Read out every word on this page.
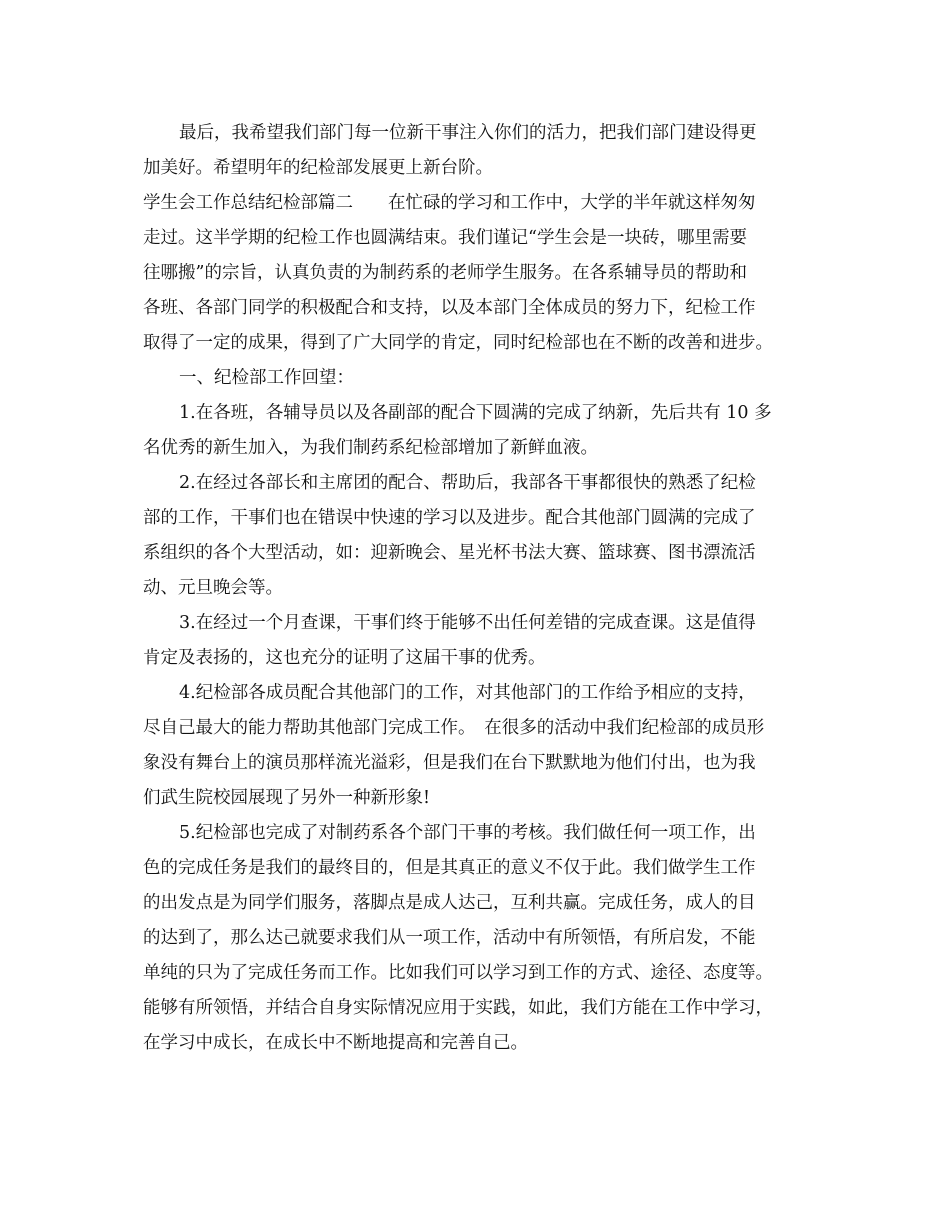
最后，我希望我们部门每一位新干事注入你们的活力，把我们部门建设得更
加美好。希望明年的纪检部发展更上新台阶。
学生会工作总结纪检部篇二　　在忙碌的学习和工作中，大学的半年就这样匆匆
走过。这半学期的纪检工作也圆满结束。我们谨记“学生会是一块砖，哪里需要
往哪搬”的宗旨，认真负责的为制药系的老师学生服务。在各系辅导员的帮助和
各班、各部门同学的积极配合和支持，以及本部门全体成员的努力下，纪检工作
取得了一定的成果，得到了广大同学的肯定，同时纪检部也在不断的改善和进步。
一、纪检部工作回望：
1.在各班，各辅导员以及各副部的配合下圆满的完成了纳新，先后共有 10 多
名优秀的新生加入，为我们制药系纪检部增加了新鲜血液。
2.在经过各部长和主席团的配合、帮助后，我部各干事都很快的熟悉了纪检
部的工作，干事们也在错误中快速的学习以及进步。配合其他部门圆满的完成了
系组织的各个大型活动，如：迎新晚会、星光杯书法大赛、篮球赛、图书漂流活
动、元旦晚会等。
3.在经过一个月查课，干事们终于能够不出任何差错的完成查课。这是值得
肯定及表扬的，这也充分的证明了这届干事的优秀。
4.纪检部各成员配合其他部门的工作，对其他部门的工作给予相应的支持，
尽自己最大的能力帮助其他部门完成工作。　在很多的活动中我们纪检部的成员形
象没有舞台上的演员那样流光溢彩，但是我们在台下默默地为他们付出，也为我
们武生院校园展现了另外一种新形象!
5.纪检部也完成了对制药系各个部门干事的考核。我们做任何一项工作，出
色的完成任务是我们的最终目的，但是其真正的意义不仅于此。我们做学生工作
的出发点是为同学们服务，落脚点是成人达己，互利共赢。完成任务，成人的目
的达到了，那么达己就要求我们从一项工作，活动中有所领悟，有所启发，不能
单纯的只为了完成任务而工作。比如我们可以学习到工作的方式、途径、态度等。
能够有所领悟，并结合自身实际情况应用于实践，如此，我们方能在工作中学习，
在学习中成长，在成长中不断地提高和完善自己。
